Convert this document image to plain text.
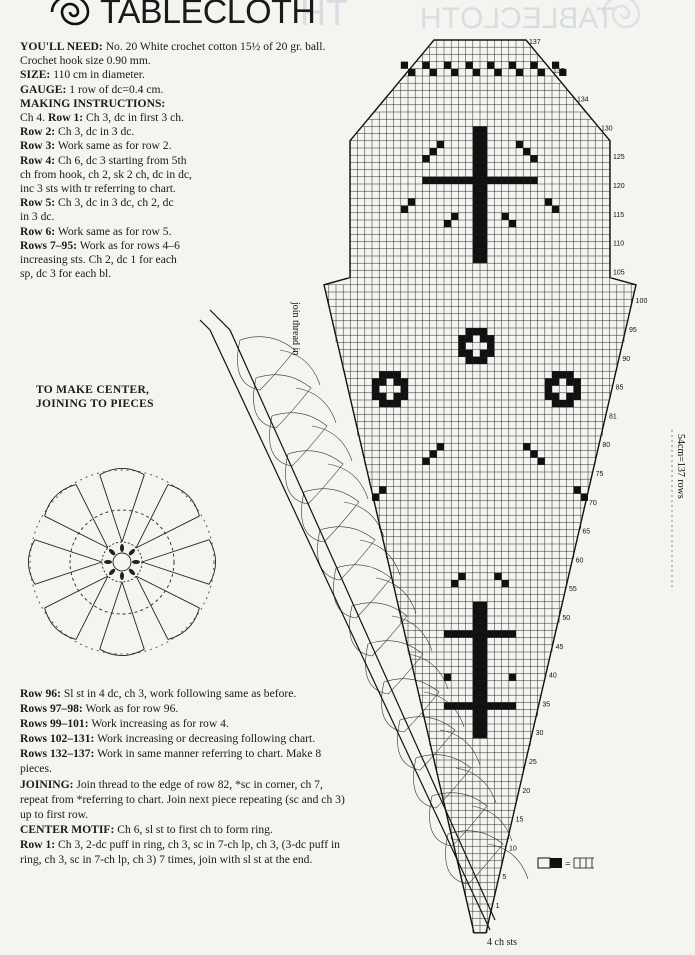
HT TABLECLOTH
TABLECLOTH

YOU'LL NEED: No. 20 White crochet cotton 15½ of 20 gr. ball. Crochet hook size 0.90 mm.

SIZE: 110 cm in diameter.

GAUGE: 1 row of dc=0.4 cm.

MAKING INSTRUCTIONS:

Ch 4. Row 1: Ch 3, dc in first 3 ch.

Row 2: Ch 3, dc in 3 dc.

Row 3: Work same as for row 2.

Row 4: Ch 6, dc 3 starting from 5th ch from hook, ch 2, sk 2 ch, dc in dc, inc 3 sts with tr referring to chart.

Row 5: Ch 3, dc in 3 dc, ch 2, dc in 3 dc.

Row 6: Work same as for row 5.

Rows 7–95: Work as for rows 4–6 increasing sts. Ch 2, dc 1 for each sp, dc 3 for each bl.

TO MAKE CENTER,
JOINING TO PIECES

Row 96: Sl st in 4 dc, ch 3, work following same as before.

Rows 97–98: Work as for row 96.

Rows 99–101: Work increasing as for row 4.

Rows 102–131: Work increasing or decreasing following chart.

Rows 132–137: Work in same manner referring to chart. Make 8 pieces.

JOINING: Join thread to the edge of row 82, *sc in corner, ch 7, repeat from *referring to chart. Join next piece repeating (sc and ch 3) up to first row.

CENTER MOTIF: Ch 6, sl st to first ch to form ring.

Row 1: Ch 3, 2-dc puff in ring, ch 3, sc in 7-ch lp, ch 3, (3-dc puff in ring, ch 3, sc in 7-ch lp, ch 3) 7 times, join with sl st at the end.

137
135
134
130
125
120
115
110
105
100
95
90
85
81
80
75
70
65
60
55
50
45
40
35
30
25
20
15
10
5
1
join thread in
54cm=137 rows
4 ch sts
=
